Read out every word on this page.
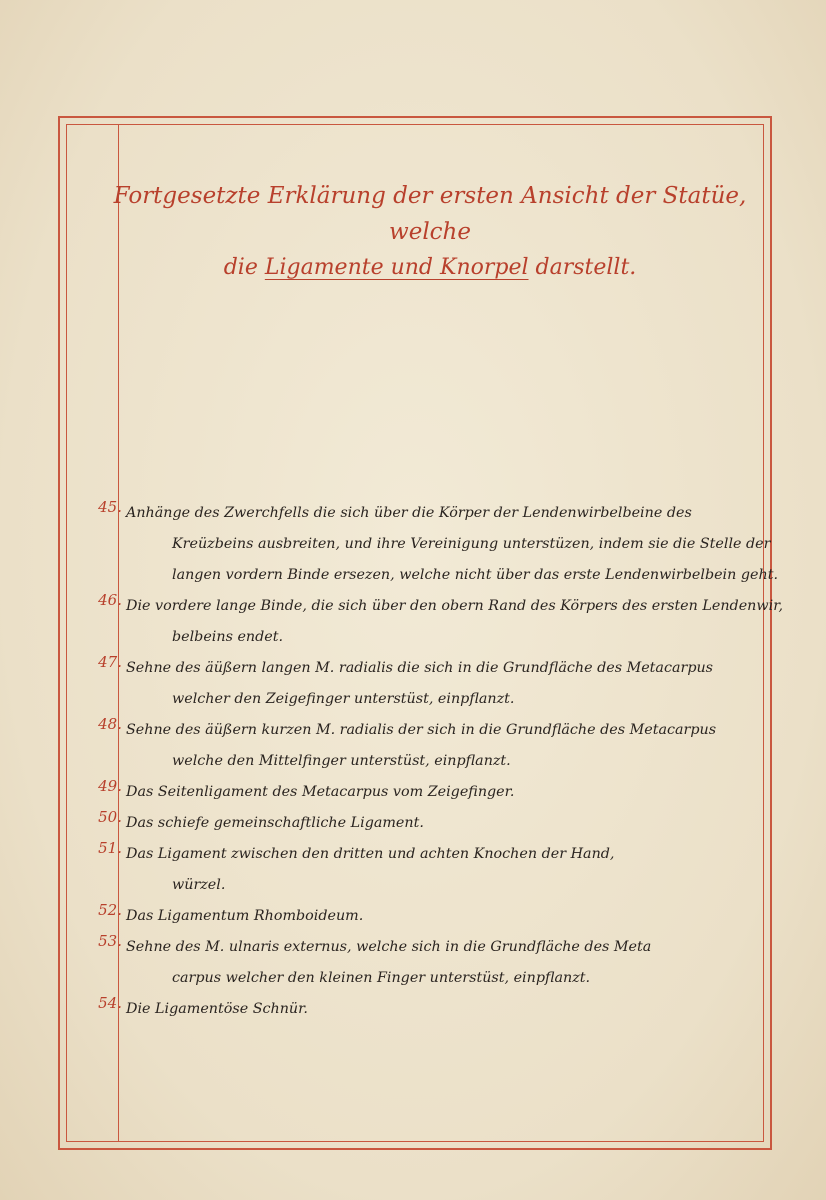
Fortgesetzte Erklärung der ersten Ansicht der Statüe, welche
die Ligamente und Knorpel darstellt.
45. Anhänge des Zwerchfells die sich über die Körper der Lendenwirbelbeine des
Kreüzbeins ausbreiten, und ihre Vereinigung unterstüzen, indem sie die Stelle der
langen vordern Binde ersezen, welche nicht über das erste Lendenwirbelbein geht.
46. Die vordere lange Binde, die sich über den obern Rand des Körpers des ersten Lendenwir,
belbeins endet.
47. Sehne des äüßern langen M. radialis die sich in die Grundfläche des Metacarpus
welcher den Zeigefinger unterstüst, einpflanzt.
48. Sehne des äüßern kurzen M. radialis der sich in die Grundfläche des Metacarpus
welche den Mittelfinger unterstüst, einpflanzt.
49. Das Seitenligament des Metacarpus vom Zeigefinger.
50. Das schiefe gemeinschaftliche Ligament.
51. Das Ligament zwischen den dritten und achten Knochen der Hand,
würzel.
52. Das Ligamentum Rhomboideum.
53. Sehne des M. ulnaris externus, welche sich in die Grundfläche des Meta
carpus welcher den kleinen Finger unterstüst, einpflanzt.
54. Die Ligamentöse Schnür.
